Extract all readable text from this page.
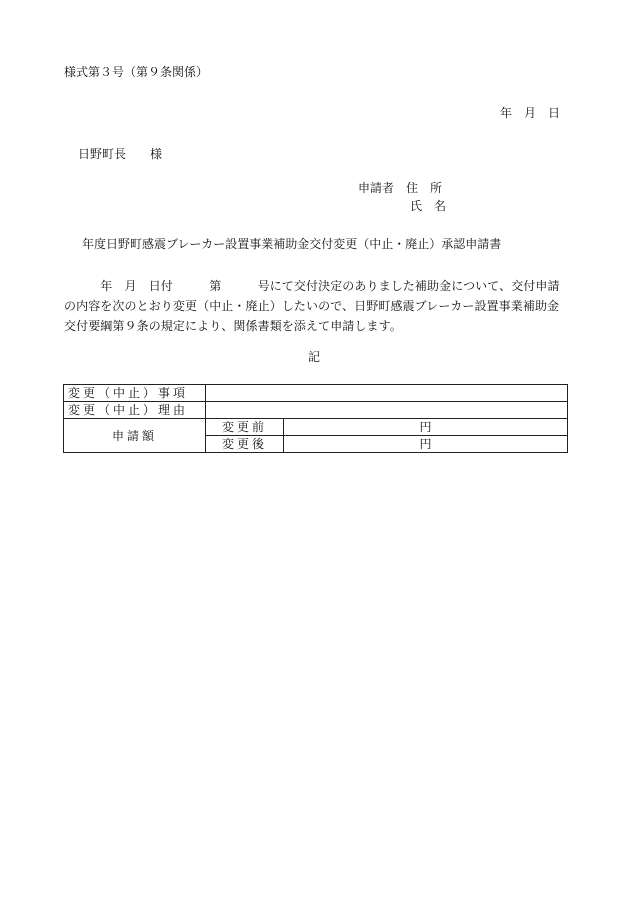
様式第３号（第９条関係）
年　月　日
日野町長　　様
申請者　住　所
氏　名
年度日野町感震ブレーカー設置事業補助金交付変更（中止・廃止）承認申請書
　　　年　月　日付　　　第　　　号にて交付決定のありました補助金について、交付申請の内容を次のとおり変更（中止・廃止）したいので、日野町感震ブレーカー設置事業補助金交付要綱第９条の規定により、関係書類を添えて申請します。
記
変更（中止）事項		
変更（中止）理由		
申請額	変更前	円
	変更後	円
